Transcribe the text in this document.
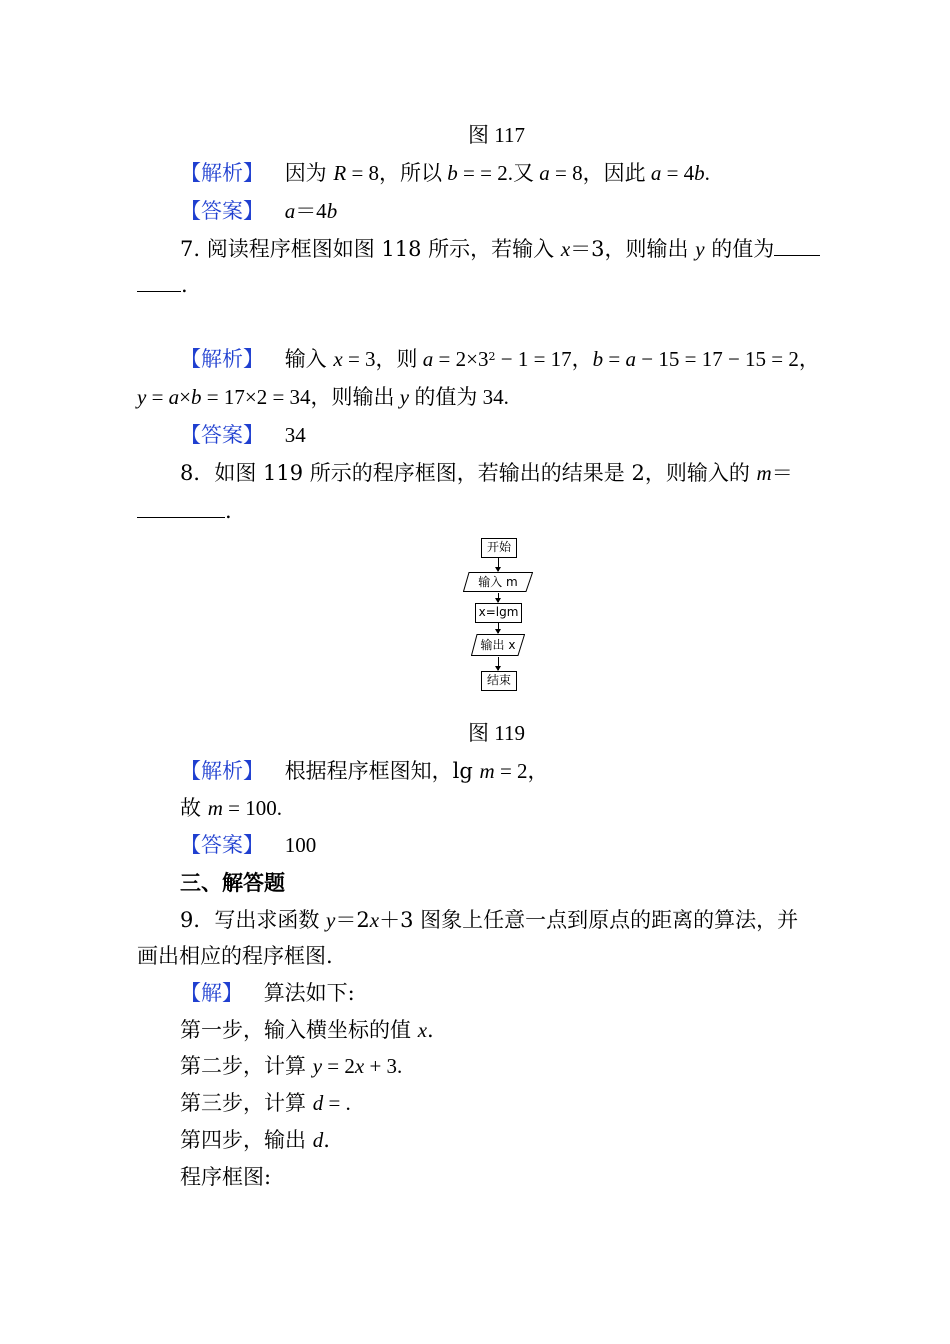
图 117
【解析】 因为 R = 8，所以 b = = 2.又 a = 8，因此 a = 4b.
【答案】 a＝4b
7. 阅读程序框图如图 118 所示，若输入 x＝3，则输出 y 的值为
.
【解析】 输入 x = 3，则 $a = 2\times 3^2 - 1 = 17$，b = a − 15 = 17 − 15 = 2，
y = a×b = 17×2 = 34，则输出 y 的值为 34.
【答案】 34
8．如图 119 所示的程序框图，若输出的结果是 2，则输入的 m＝
.
开始
输入 m
x=lgm
输出 x
结束
图 119
【解析】 根据程序框图知，lg m = 2，
故 m = 100.
【答案】 100
三、解答题
9．写出求函数 y＝2x＋3 图象上任意一点到原点的距离的算法，并
画出相应的程序框图.
【解】 算法如下:
第一步，输入横坐标的值 x.
第二步，计算 y = 2x + 3.
第三步，计算 d = .
第四步，输出 d.
程序框图:
